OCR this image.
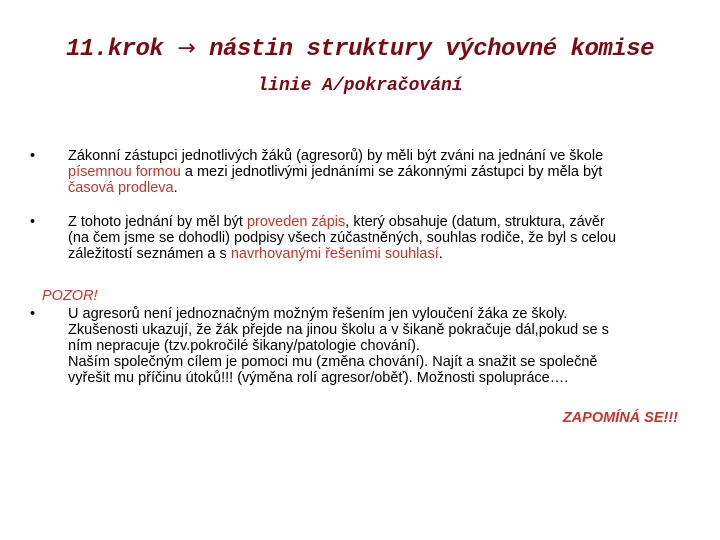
11.krok → nástin struktury výchovné komise
linie A/pokračování
•	Zákonní zástupci jednotlivých žáků (agresorů) by měli být zváni na jednání ve škole
písemnou formou a mezi jednotlivými jednáními se zákonnými zástupci by měla být
časová prodleva.
•	Z tohoto jednání by měl být proveden zápis, který obsahuje (datum, struktura, závěr
(na čem jsme se dohodli) podpisy všech zúčastněných, souhlas rodiče, že byl s celou
záležitostí seznámen a s navrhovanými řešeními souhlasí.
POZOR!
•	U agresorů není jednoznačným možným řešením jen vyloučení žáka ze školy.
Zkušenosti ukazují, že žák přejde na jinou školu a v šikaně pokračuje dál,pokud se s
ním nepracuje (tzv.pokročilé šikany/patologie chování).
Naším společným cílem je pomoci mu (změna chování). Najít a snažit se společně
vyřešit mu příčinu útoků!!! (výměna rolí agresor/oběť). Možnosti spolupráce….
ZAPOMÍNÁ SE!!!
